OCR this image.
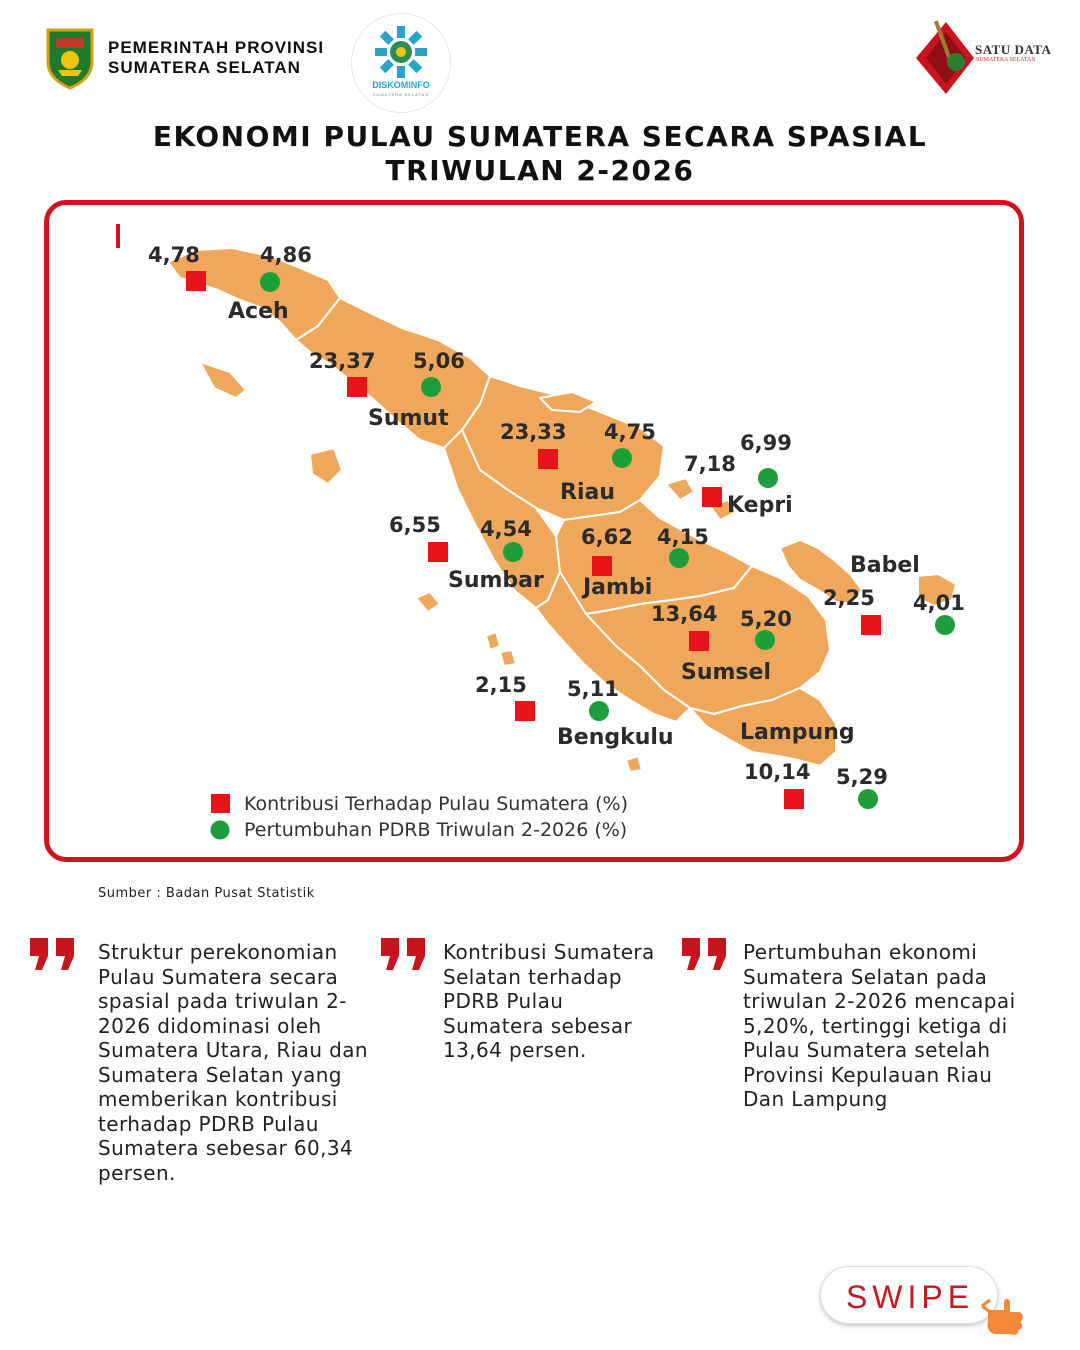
PEMERINTAH PROVINSI
SUMATERA SELATAN
DISKOMINFO
SUMATERA SELATAN
SATU DATA
SUMATERA SELATAN
EKONOMI PULAU SUMATERA SECARA SPASIAL
TRIWULAN 2-2026
4,78	4,86
23,37 5,06
23,33 4,75
7,18
6,99
6,55 4,54 6,62 4,15
2,25 4,01
13,64 5,20
2,15 5,11
10,14 5,29
Aceh
Sumut
Riau
Kepri
Sumbar Jambi
Babel
Sumsel
Bengkulu	Lampung
Kontribusi Terhadap Pulau Sumatera (%)
Pertumbuhan PDRB Triwulan 2-2026 (%)
Sumber : Badan Pusat Statistik
Struktur perekonomian Pulau Sumatera secara spasial pada triwulan 2-2026 didominasi oleh Sumatera Utara, Riau dan Sumatera Selatan yang memberikan kontribusi terhadap PDRB Pulau Sumatera sebesar 60,34 persen.
Kontribusi Sumatera Selatan terhadap PDRB Pulau Sumatera sebesar 13,64 persen.
Pertumbuhan ekonomi Sumatera Selatan pada triwulan 2-2026 mencapai 5,20%, tertinggi ketiga di Pulau Sumatera setelah Provinsi Kepulauan Riau Dan Lampung
SWIPE
